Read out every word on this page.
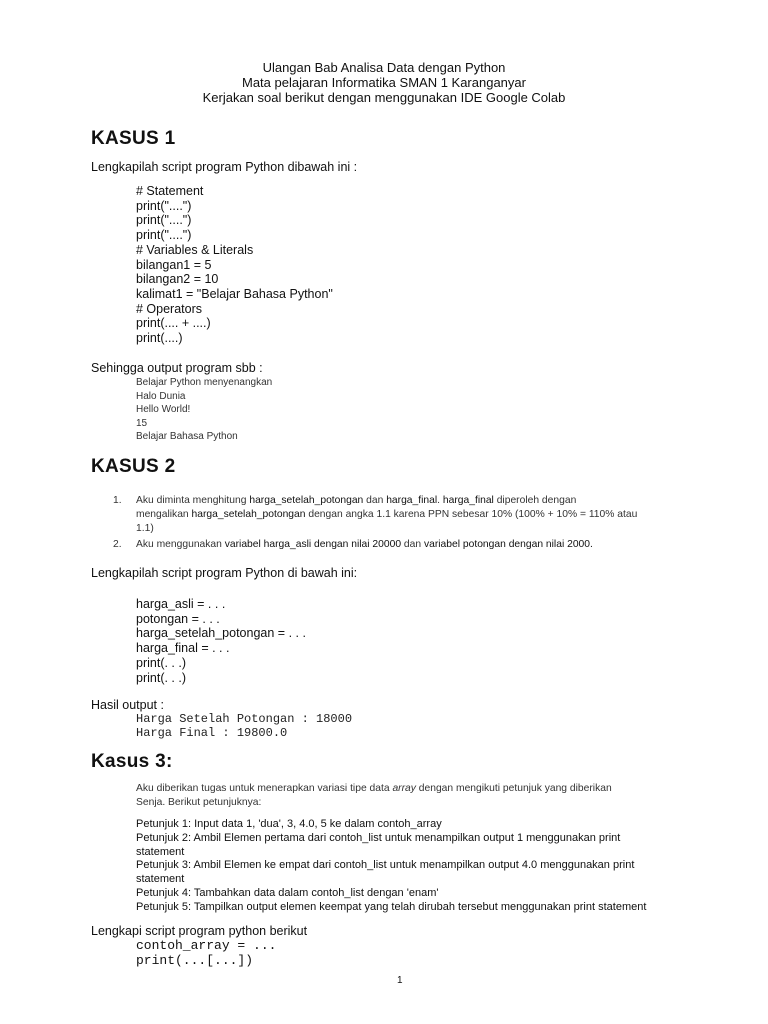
Ulangan Bab Analisa Data dengan Python
Mata pelajaran Informatika SMAN 1 Karanganyar
Kerjakan soal berikut dengan menggunakan IDE Google Colab
KASUS 1
Lengkapilah script program Python dibawah ini :
# Statement
print("....")
print("....")
print("....")
# Variables & Literals
bilangan1 = 5
bilangan2 = 10
kalimat1 = "Belajar Bahasa Python"
# Operators
print(.... + ....)
print(....)
Sehingga output program sbb :
Belajar Python menyenangkan
Halo Dunia
Hello World!
15
Belajar Bahasa Python
KASUS 2
1. Aku diminta menghitung harga_setelah_potongan dan harga_final. harga_final diperoleh dengan
mengalikan harga_setelah_potongan dengan angka 1.1 karena PPN sebesar 10% (100% + 10% = 110% atau
1.1)
2. Aku menggunakan variabel harga_asli dengan nilai 20000 dan variabel potongan dengan nilai 2000.
Lengkapilah script program Python di bawah ini:
harga_asli = . . .
potongan = . . .
harga_setelah_potongan = . . .
harga_final = . . .
print(. . .)
print(. . .)
Hasil output :
Harga Setelah Potongan : 18000
Harga Final : 19800.0
Kasus 3:
Aku diberikan tugas untuk menerapkan variasi tipe data array dengan mengikuti petunjuk yang diberikan
Senja. Berikut petunjuknya:
Petunjuk 1: Input data 1, 'dua', 3, 4.0, 5 ke dalam contoh_array
Petunjuk 2: Ambil Elemen pertama dari contoh_list untuk menampilkan output 1 menggunakan print
statement
Petunjuk 3: Ambil Elemen ke empat dari contoh_list untuk menampilkan output 4.0 menggunakan print
statement
Petunjuk 4: Tambahkan data dalam contoh_list dengan 'enam'
Petunjuk 5: Tampilkan output elemen keempat yang telah dirubah tersebut menggunakan print statement
Lengkapi script program python berikut
contoh_array = ...
print(...[...])
1
